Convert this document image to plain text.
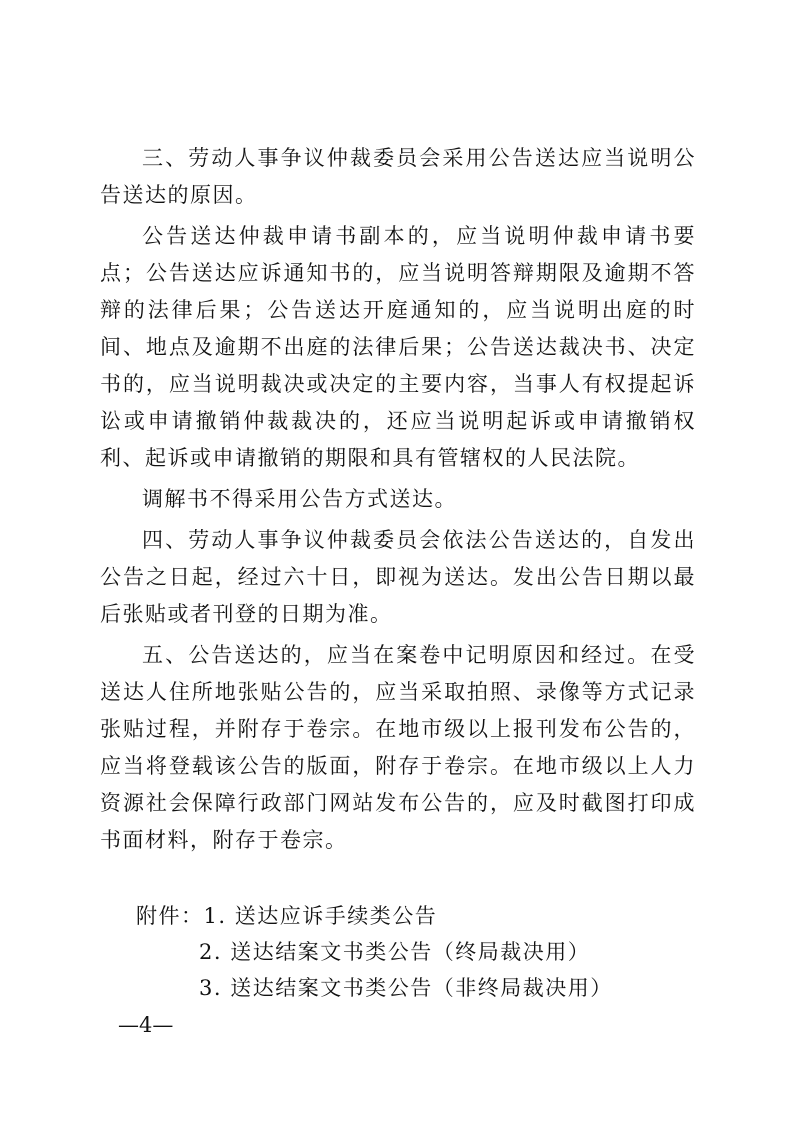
三、劳动人事争议仲裁委员会采用公告送达应当说明公告送达的原因。

公告送达仲裁申请书副本的，应当说明仲裁申请书要点；公告送达应诉通知书的，应当说明答辩期限及逾期不答辩的法律后果；公告送达开庭通知的，应当说明出庭的时间、地点及逾期不出庭的法律后果；公告送达裁决书、决定书的，应当说明裁决或决定的主要内容，当事人有权提起诉讼或申请撤销仲裁裁决的，还应当说明起诉或申请撤销权利、起诉或申请撤销的期限和具有管辖权的人民法院。

调解书不得采用公告方式送达。

四、劳动人事争议仲裁委员会依法公告送达的，自发出公告之日起，经过六十日，即视为送达。发出公告日期以最后张贴或者刊登的日期为准。

五、公告送达的，应当在案卷中记明原因和经过。在受送达人住所地张贴公告的，应当采取拍照、录像等方式记录张贴过程，并附存于卷宗。在地市级以上报刊发布公告的，应当将登载该公告的版面，附存于卷宗。在地市级以上人力资源社会保障行政部门网站发布公告的，应及时截图打印成书面材料，附存于卷宗。

附件：1. 送达应诉手续类公告
2. 送达结案文书类公告（终局裁决用）
3. 送达结案文书类公告（非终局裁决用）
—4—
